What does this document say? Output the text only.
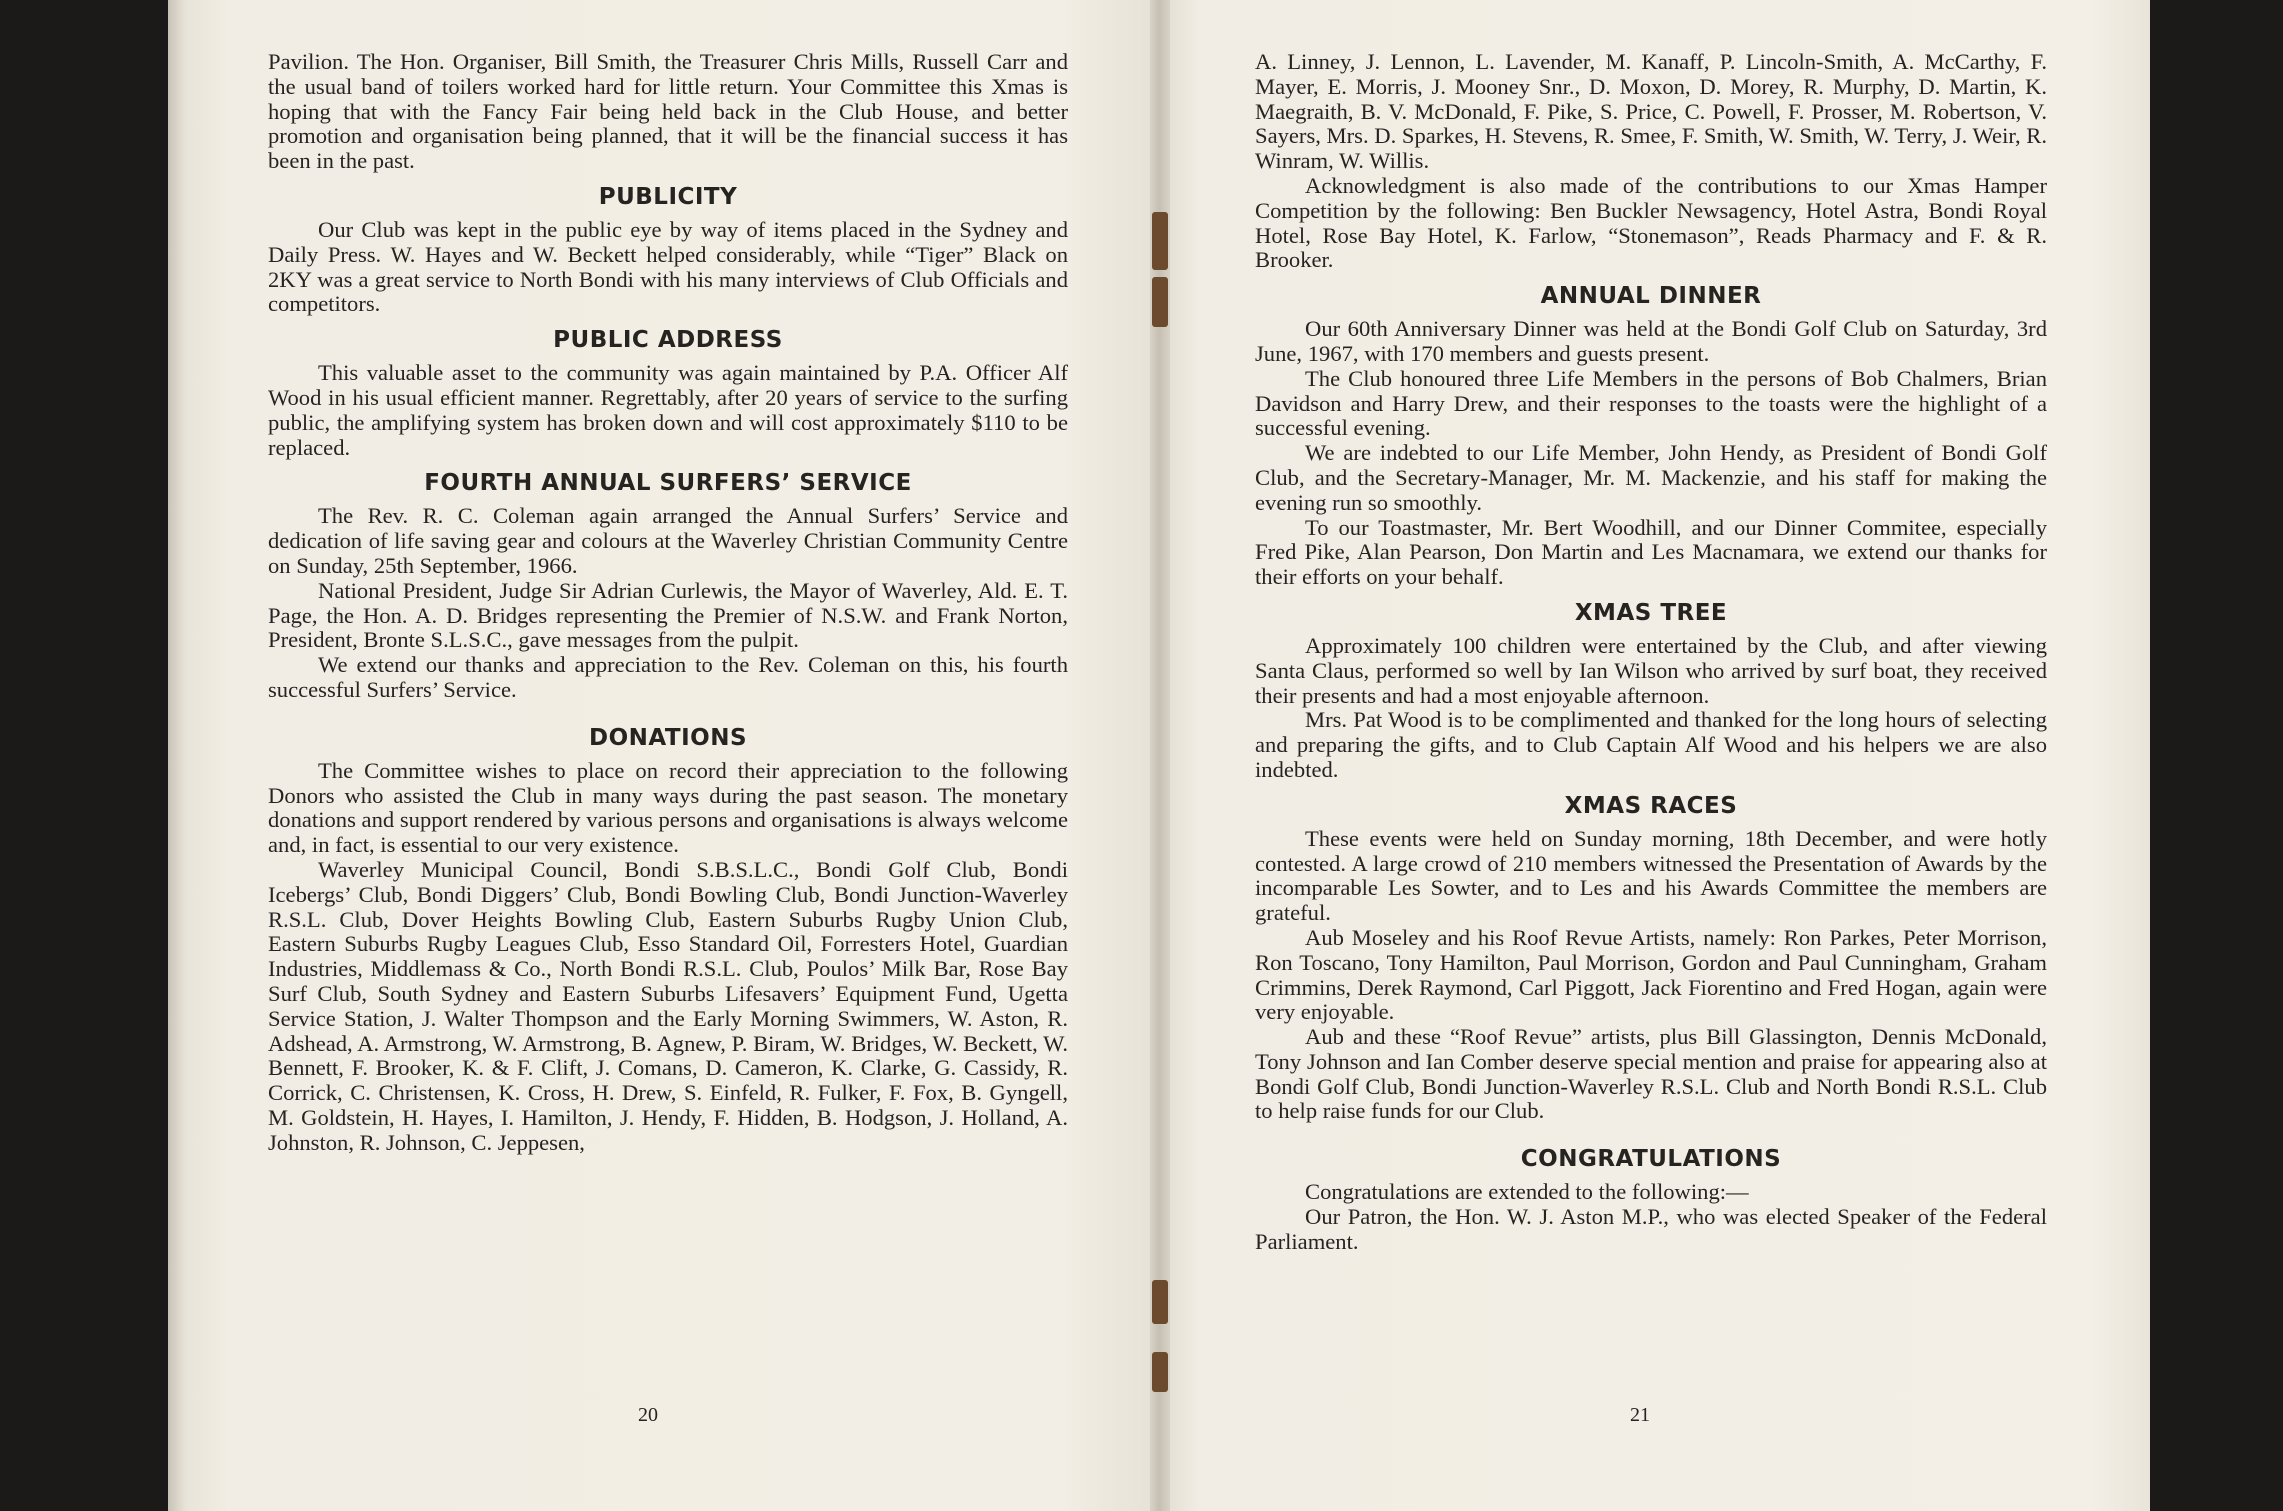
Pavilion. The Hon. Organiser, Bill Smith, the Treasurer Chris Mills, Russell Carr and the usual band of toilers worked hard for little return. Your Committee this Xmas is hoping that with the Fancy Fair being held back in the Club House, and better promotion and organisation being planned, that it will be the financial success it has been in the past.

PUBLICITY

Our Club was kept in the public eye by way of items placed in the Sydney and Daily Press. W. Hayes and W. Beckett helped considerably, while “Tiger” Black on 2KY was a great service to North Bondi with his many interviews of Club Officials and competitors.

PUBLIC ADDRESS

This valuable asset to the community was again maintained by P.A. Officer Alf Wood in his usual efficient manner. Regrettably, after 20 years of service to the surfing public, the amplifying system has broken down and will cost approximately $110 to be replaced.

FOURTH ANNUAL SURFERS’ SERVICE

The Rev. R. C. Coleman again arranged the Annual Surfers’ Service and dedication of life saving gear and colours at the Waverley Christian Community Centre on Sunday, 25th September, 1966.

National President, Judge Sir Adrian Curlewis, the Mayor of Waverley, Ald. E. T. Page, the Hon. A. D. Bridges representing the Premier of N.S.W. and Frank Norton, President, Bronte S.L.S.C., gave messages from the pulpit.

We extend our thanks and appreciation to the Rev. Coleman on this, his fourth successful Surfers’ Service.

DONATIONS

The Committee wishes to place on record their appreciation to the following Donors who assisted the Club in many ways during the past season. The monetary donations and support rendered by various persons and organisations is always welcome and, in fact, is essential to our very existence.

Waverley Municipal Council, Bondi S.B.S.L.C., Bondi Golf Club, Bondi Icebergs’ Club, Bondi Diggers’ Club, Bondi Bowling Club, Bondi Junction-Waverley R.S.L. Club, Dover Heights Bowling Club, Eastern Suburbs Rugby Union Club, Eastern Suburbs Rugby Leagues Club, Esso Standard Oil, Forresters Hotel, Guardian Industries, Middlemass & Co., North Bondi R.S.L. Club, Poulos’ Milk Bar, Rose Bay Surf Club, South Sydney and Eastern Suburbs Lifesavers’ Equipment Fund, Ugetta Service Station, J. Walter Thompson and the Early Morning Swimmers, W. Aston, R. Adshead, A. Armstrong, W. Armstrong, B. Agnew, P. Biram, W. Bridges, W. Beckett, W. Bennett, F. Brooker, K. & F. Clift, J. Comans, D. Cameron, K. Clarke, G. Cassidy, R. Corrick, C. Christensen, K. Cross, H. Drew, S. Einfeld, R. Fulker, F. Fox, B. Gyngell, M. Goldstein, H. Hayes, I. Hamilton, J. Hendy, F. Hidden, B. Hodgson, J. Holland, A. Johnston, R. Johnson, C. Jeppesen,

20

A. Linney, J. Lennon, L. Lavender, M. Kanaff, P. Lincoln-Smith, A. McCarthy, F. Mayer, E. Morris, J. Mooney Snr., D. Moxon, D. Morey, R. Murphy, D. Martin, K. Maegraith, B. V. McDonald, F. Pike, S. Price, C. Powell, F. Prosser, M. Robertson, V. Sayers, Mrs. D. Sparkes, H. Stevens, R. Smee, F. Smith, W. Smith, W. Terry, J. Weir, R. Winram, W. Willis.

Acknowledgment is also made of the contributions to our Xmas Hamper Competition by the following: Ben Buckler Newsagency, Hotel Astra, Bondi Royal Hotel, Rose Bay Hotel, K. Farlow, “Stonemason”, Reads Pharmacy and F. & R. Brooker.

ANNUAL DINNER

Our 60th Anniversary Dinner was held at the Bondi Golf Club on Saturday, 3rd June, 1967, with 170 members and guests present.

The Club honoured three Life Members in the persons of Bob Chalmers, Brian Davidson and Harry Drew, and their responses to the toasts were the highlight of a successful evening.

We are indebted to our Life Member, John Hendy, as President of Bondi Golf Club, and the Secretary-Manager, Mr. M. Mackenzie, and his staff for making the evening run so smoothly.

To our Toastmaster, Mr. Bert Woodhill, and our Dinner Commitee, especially Fred Pike, Alan Pearson, Don Martin and Les Macnamara, we extend our thanks for their efforts on your behalf.

XMAS TREE

Approximately 100 children were entertained by the Club, and after viewing Santa Claus, performed so well by Ian Wilson who arrived by surf boat, they received their presents and had a most enjoyable afternoon.

Mrs. Pat Wood is to be complimented and thanked for the long hours of selecting and preparing the gifts, and to Club Captain Alf Wood and his helpers we are also indebted.

XMAS RACES

These events were held on Sunday morning, 18th December, and were hotly contested. A large crowd of 210 members witnessed the Presentation of Awards by the incomparable Les Sowter, and to Les and his Awards Committee the members are grateful.

Aub Moseley and his Roof Revue Artists, namely: Ron Parkes, Peter Morrison, Ron Toscano, Tony Hamilton, Paul Morrison, Gordon and Paul Cunningham, Graham Crimmins, Derek Raymond, Carl Piggott, Jack Fiorentino and Fred Hogan, again were very enjoyable.

Aub and these “Roof Revue” artists, plus Bill Glassington, Dennis McDonald, Tony Johnson and Ian Comber deserve special mention and praise for appearing also at Bondi Golf Club, Bondi Junction-Waverley R.S.L. Club and North Bondi R.S.L. Club to help raise funds for our Club.

CONGRATULATIONS

Congratulations are extended to the following:—

Our Patron, the Hon. W. J. Aston M.P., who was elected Speaker of the Federal Parliament.

21
